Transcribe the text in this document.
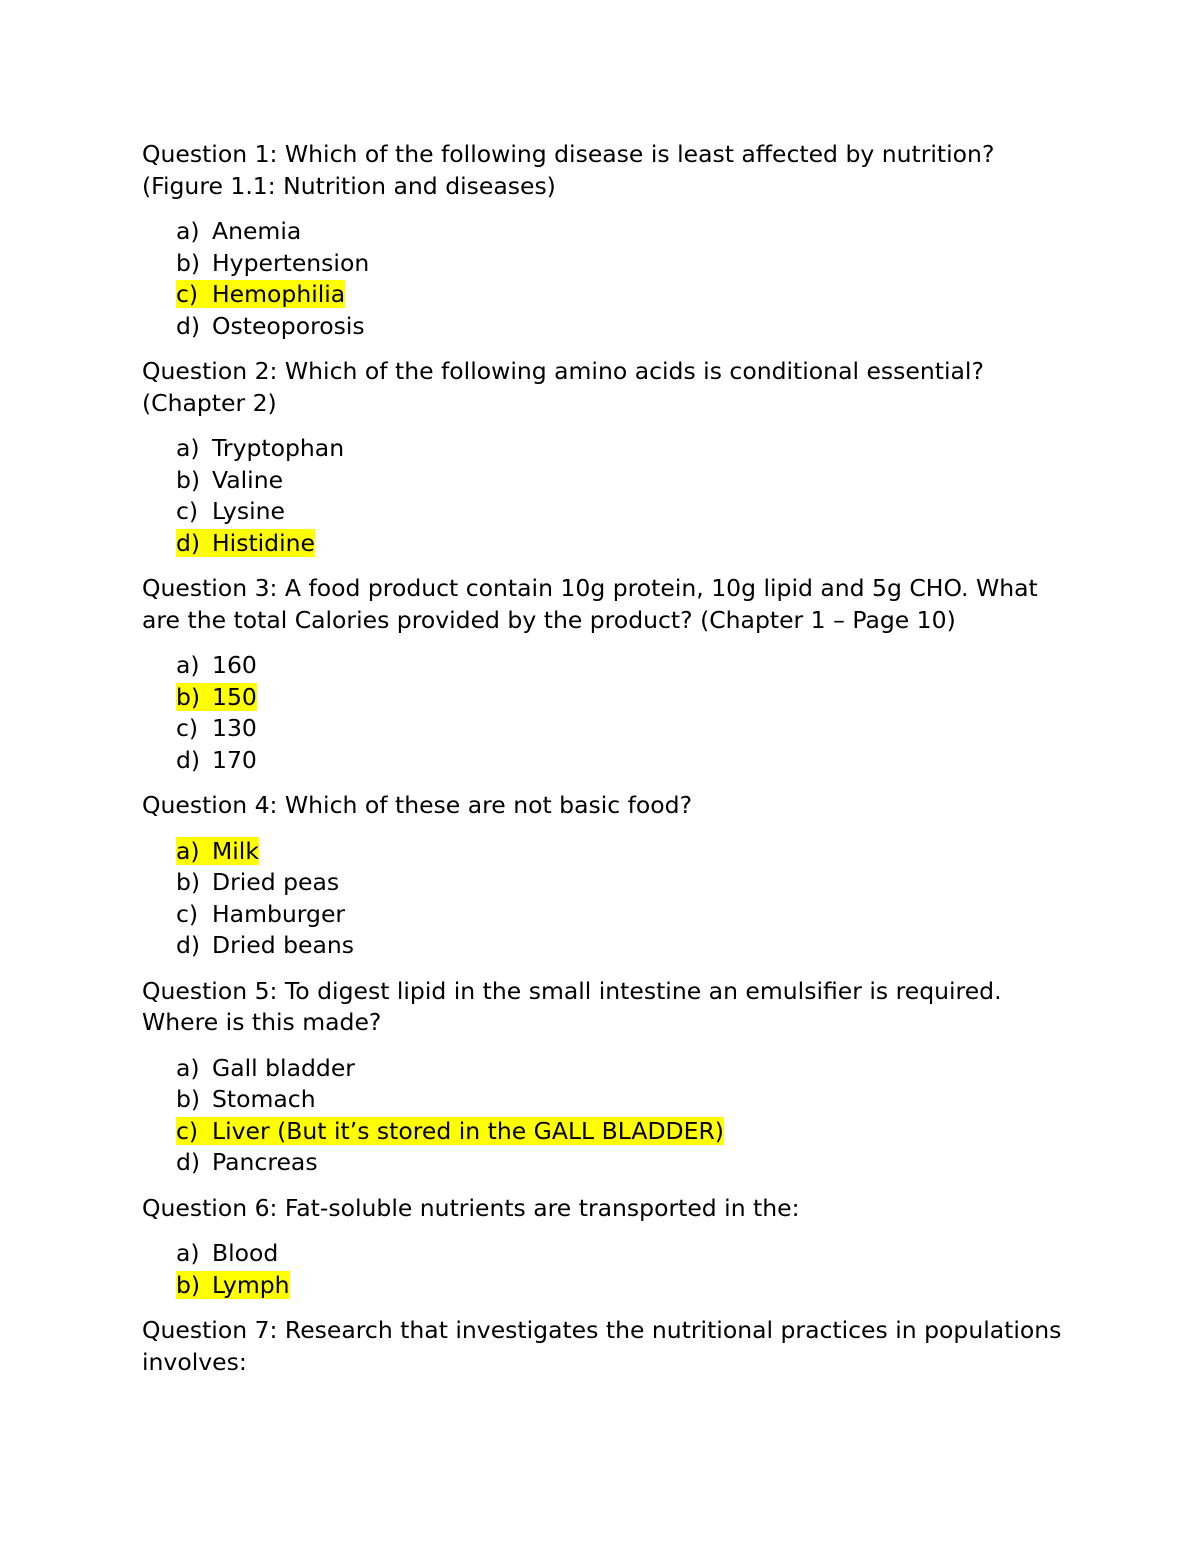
Question 1: Which of the following disease is least affected by nutrition? (Figure 1.1: Nutrition and diseases)

a) Anemia
b) Hypertension
c) Hemophilia
d) Osteoporosis

Question 2: Which of the following amino acids is conditional essential? (Chapter 2)

a) Tryptophan
b) Valine
c) Lysine
d) Histidine

Question 3: A food product contain 10g protein, 10g lipid and 5g CHO. What are the total Calories provided by the product? (Chapter 1 – Page 10)

a) 160
b) 150
c) 130
d) 170

Question 4: Which of these are not basic food?

a) Milk
b) Dried peas
c) Hamburger
d) Dried beans

Question 5: To digest lipid in the small intestine an emulsifier is required. Where is this made?

a) Gall bladder
b) Stomach
c) Liver (But it’s stored in the GALL BLADDER)
d) Pancreas

Question 6: Fat-soluble nutrients are transported in the:

a) Blood
b) Lymph

Question 7: Research that investigates the nutritional practices in populations involves:
